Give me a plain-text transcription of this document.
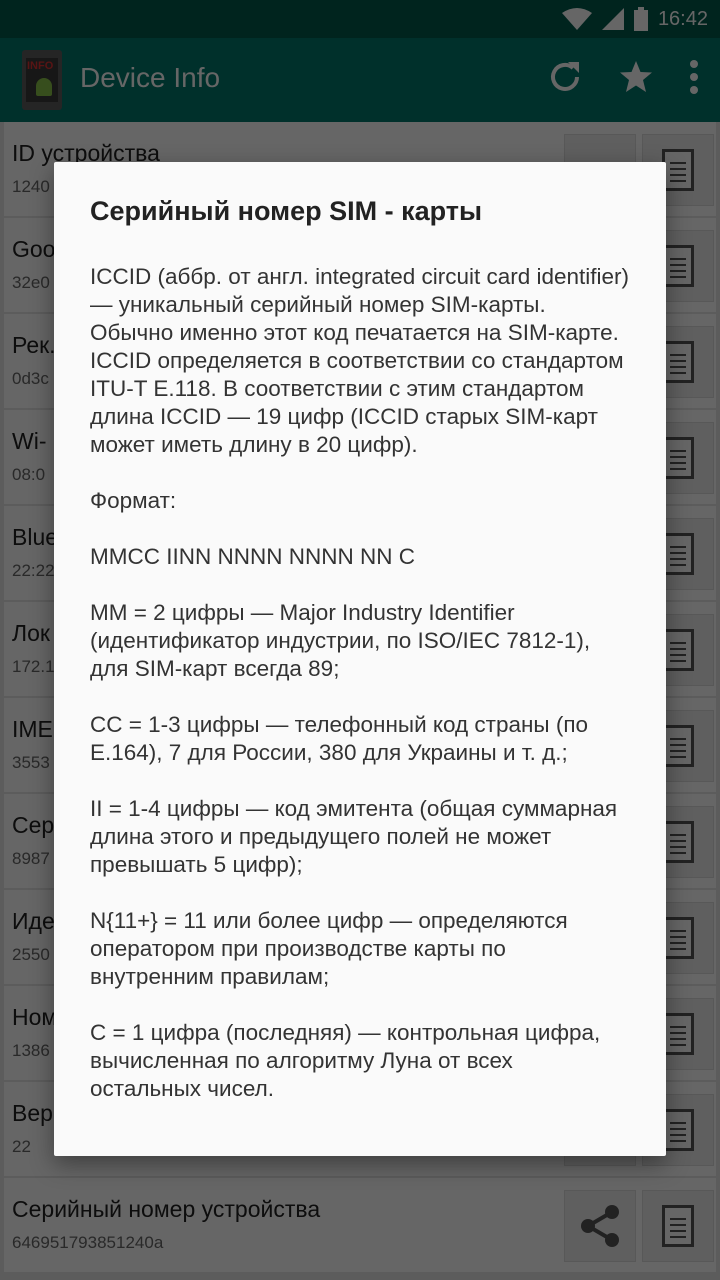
Серийный номер SIM - карты

ICCID (аббр. от англ. integrated circuit card identifier) — уникальный серийный номер SIM-карты. Обычно именно этот код печатается на SIM-карте. ICCID определяется в соответствии со стандартом ITU-T E.118. В соответствии с этим стандартом длина ICCID — 19 цифр (ICCID старых SIM-карт может иметь длину в 20 цифр).

Формат:

MMCC IINN NNNN NNNN NN C

MM = 2 цифры — Major Industry Identifier (идентификатор индустрии, по ISO/IEC 7812-1), для SIM-карт всегда 89;

CC = 1-3 цифры — телефонный код страны (по E.164), 7 для России, 380 для Украины и т. д.;

II = 1-4 цифры — код эмитента (общая суммарная длина этого и предыдущего полей не может превышать 5 цифр);

N{11+} = 11 или более цифр — определяются оператором при производстве карты по внутренним правилам;

C = 1 цифра (последняя) — контрольная цифра, вычисленная по алгоритму Луна от всех остальных чисел.
